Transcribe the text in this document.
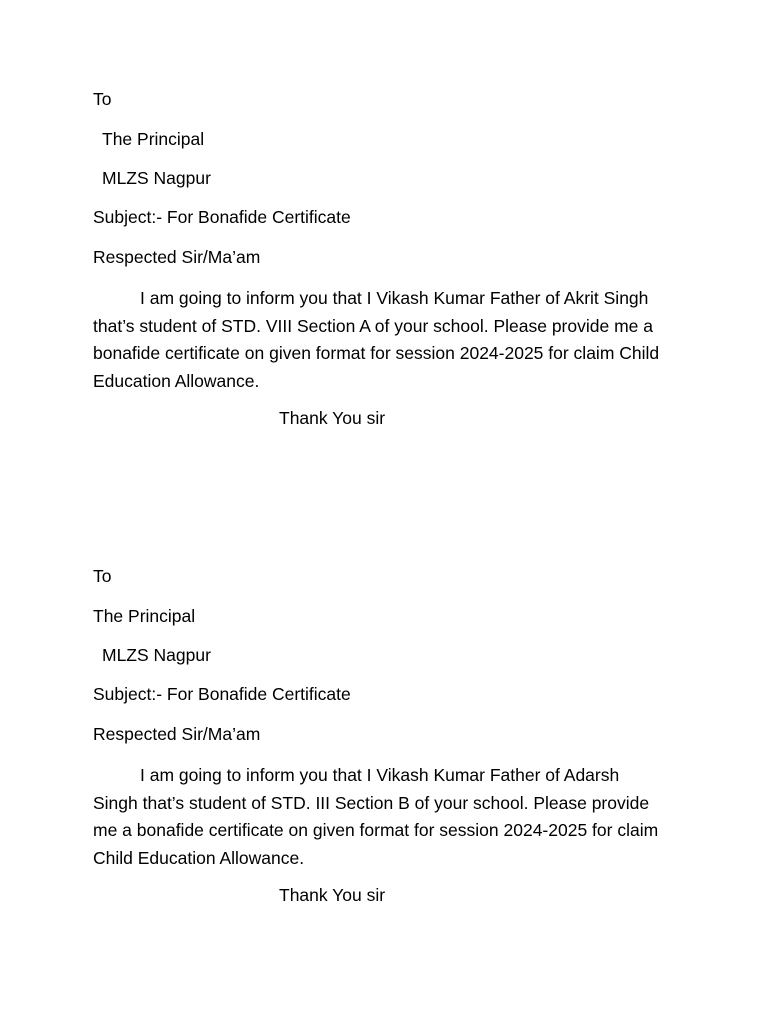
To
The Principal
MLZS Nagpur
Subject:- For Bonafide Certificate
Respected Sir/Ma’am
I am going to inform you that I Vikash Kumar Father of Akrit Singh that’s student of STD. VIII Section A of your school. Please provide me a bonafide certificate on given format for session 2024-2025 for claim Child Education Allowance.
Thank You sir
To
The Principal
MLZS Nagpur
Subject:- For Bonafide Certificate
Respected Sir/Ma’am
I am going to inform you that I Vikash Kumar Father of Adarsh Singh that’s student of STD. III Section B of your school. Please provide me a bonafide certificate on given format for session 2024-2025 for claim Child Education Allowance.
Thank You sir
